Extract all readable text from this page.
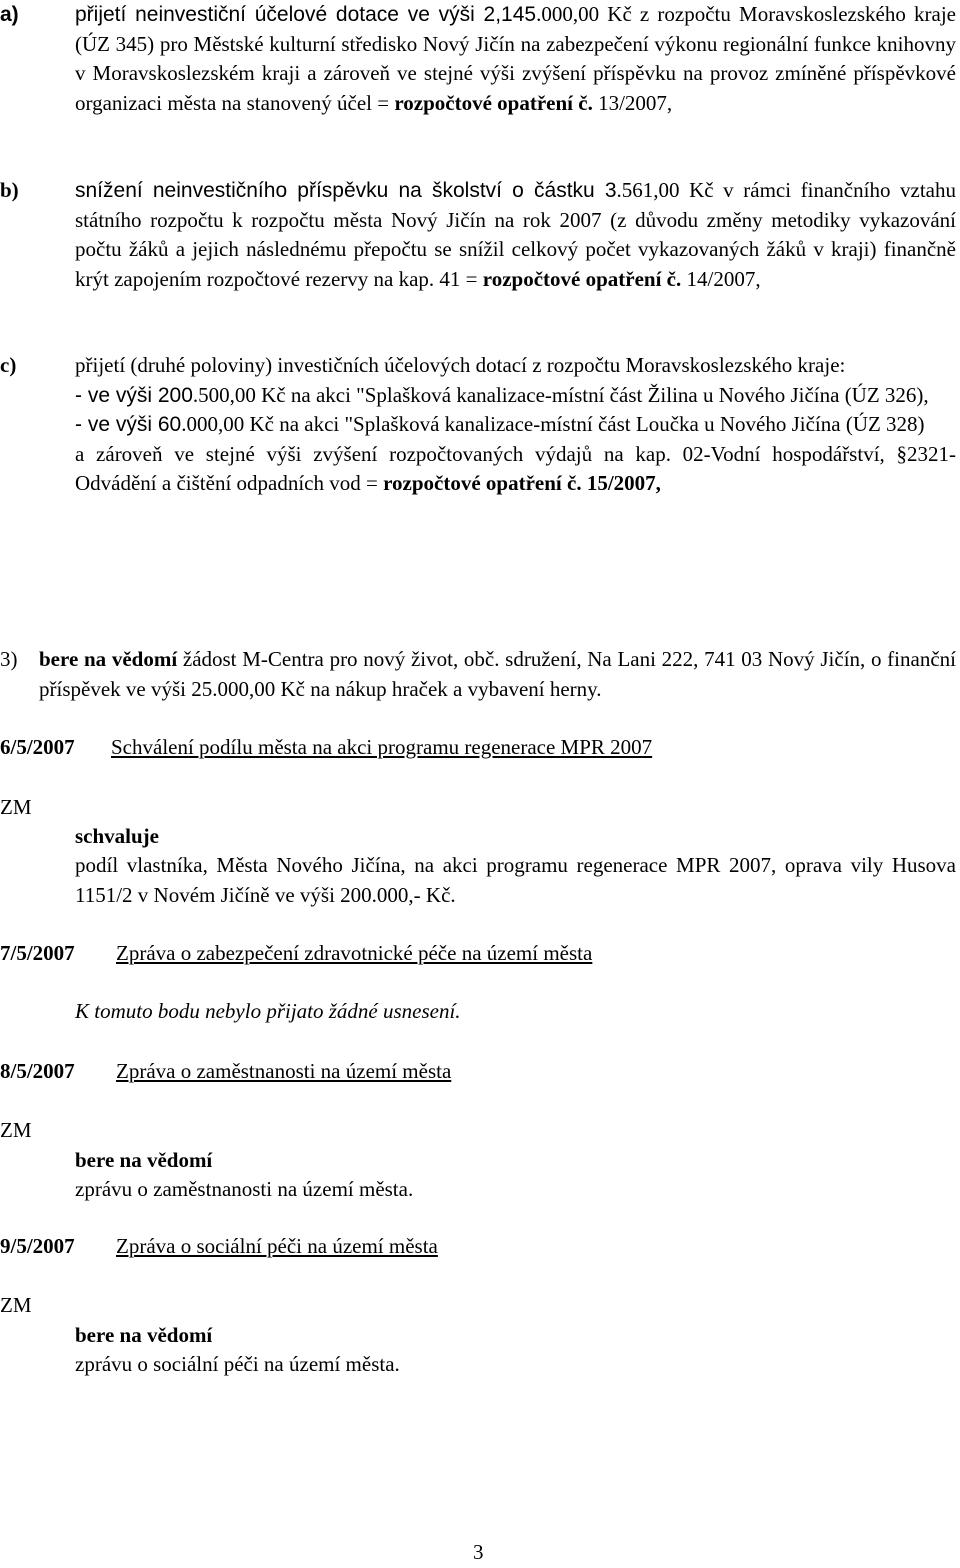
a)	přijetí neinvestiční účelové dotace ve výši 2,145.000,00 Kč z rozpočtu Moravskoslezského kraje (ÚZ 345) pro Městské kulturní středisko Nový Jičín na zabezpečení výkonu regionální funkce knihovny v Moravskoslezském kraji a zároveň ve stejné výši zvýšení příspěvku na provoz zmíněné příspěvkové organizaci města na stanovený účel = rozpočtové opatření č. 13/2007,
b)	snížení neinvestičního příspěvku na školství o částku 3.561,00 Kč v rámci finančního vztahu státního rozpočtu k rozpočtu města Nový Jičín na rok 2007 (z důvodu změny metodiky vykazování počtu žáků a jejich následnému přepočtu se snížil celkový počet vykazovaných žáků v kraji) finančně krýt zapojením rozpočtové rezervy na kap. 41 = rozpočtové opatření č. 14/2007,
c)	přijetí (druhé poloviny) investičních účelových dotací z rozpočtu Moravskoslezského kraje:
- ve výši 200.500,00 Kč na akci "Splašková kanalizace-místní část Žilina u Nového Jičína (ÚZ 326),
- ve výši 60.000,00 Kč na akci "Splašková kanalizace-místní část Loučka u Nového Jičína (ÚZ 328)
a zároveň ve stejné výši zvýšení rozpočtovaných výdajů na kap. 02-Vodní hospodářství, §2321-Odvádění a čištění odpadních vod = rozpočtové opatření č. 15/2007,
3) bere na vědomí žádost M-Centra pro nový život, obč. sdružení, Na Lani 222, 741 03 Nový Jičín, o finanční příspěvek ve výši 25.000,00 Kč na nákup hraček a vybavení herny.
6/5/2007 Schválení podílu města na akci programu regenerace MPR 2007
ZM
schvaluje
podíl vlastníka, Města Nového Jičína, na akci programu regenerace MPR 2007, oprava vily Husova 1151/2 v Novém Jičíně ve výši 200.000,- Kč.
7/5/2007 Zpráva o zabezpečení zdravotnické péče na území města
K tomuto bodu nebylo přijato žádné usnesení.
8/5/2007 Zpráva o zaměstnanosti na území města
ZM
bere na vědomí
zprávu o zaměstnanosti na území města.
9/5/2007 Zpráva o sociální péči na území města
ZM
bere na vědomí
zprávu o sociální péči na území města.
3
